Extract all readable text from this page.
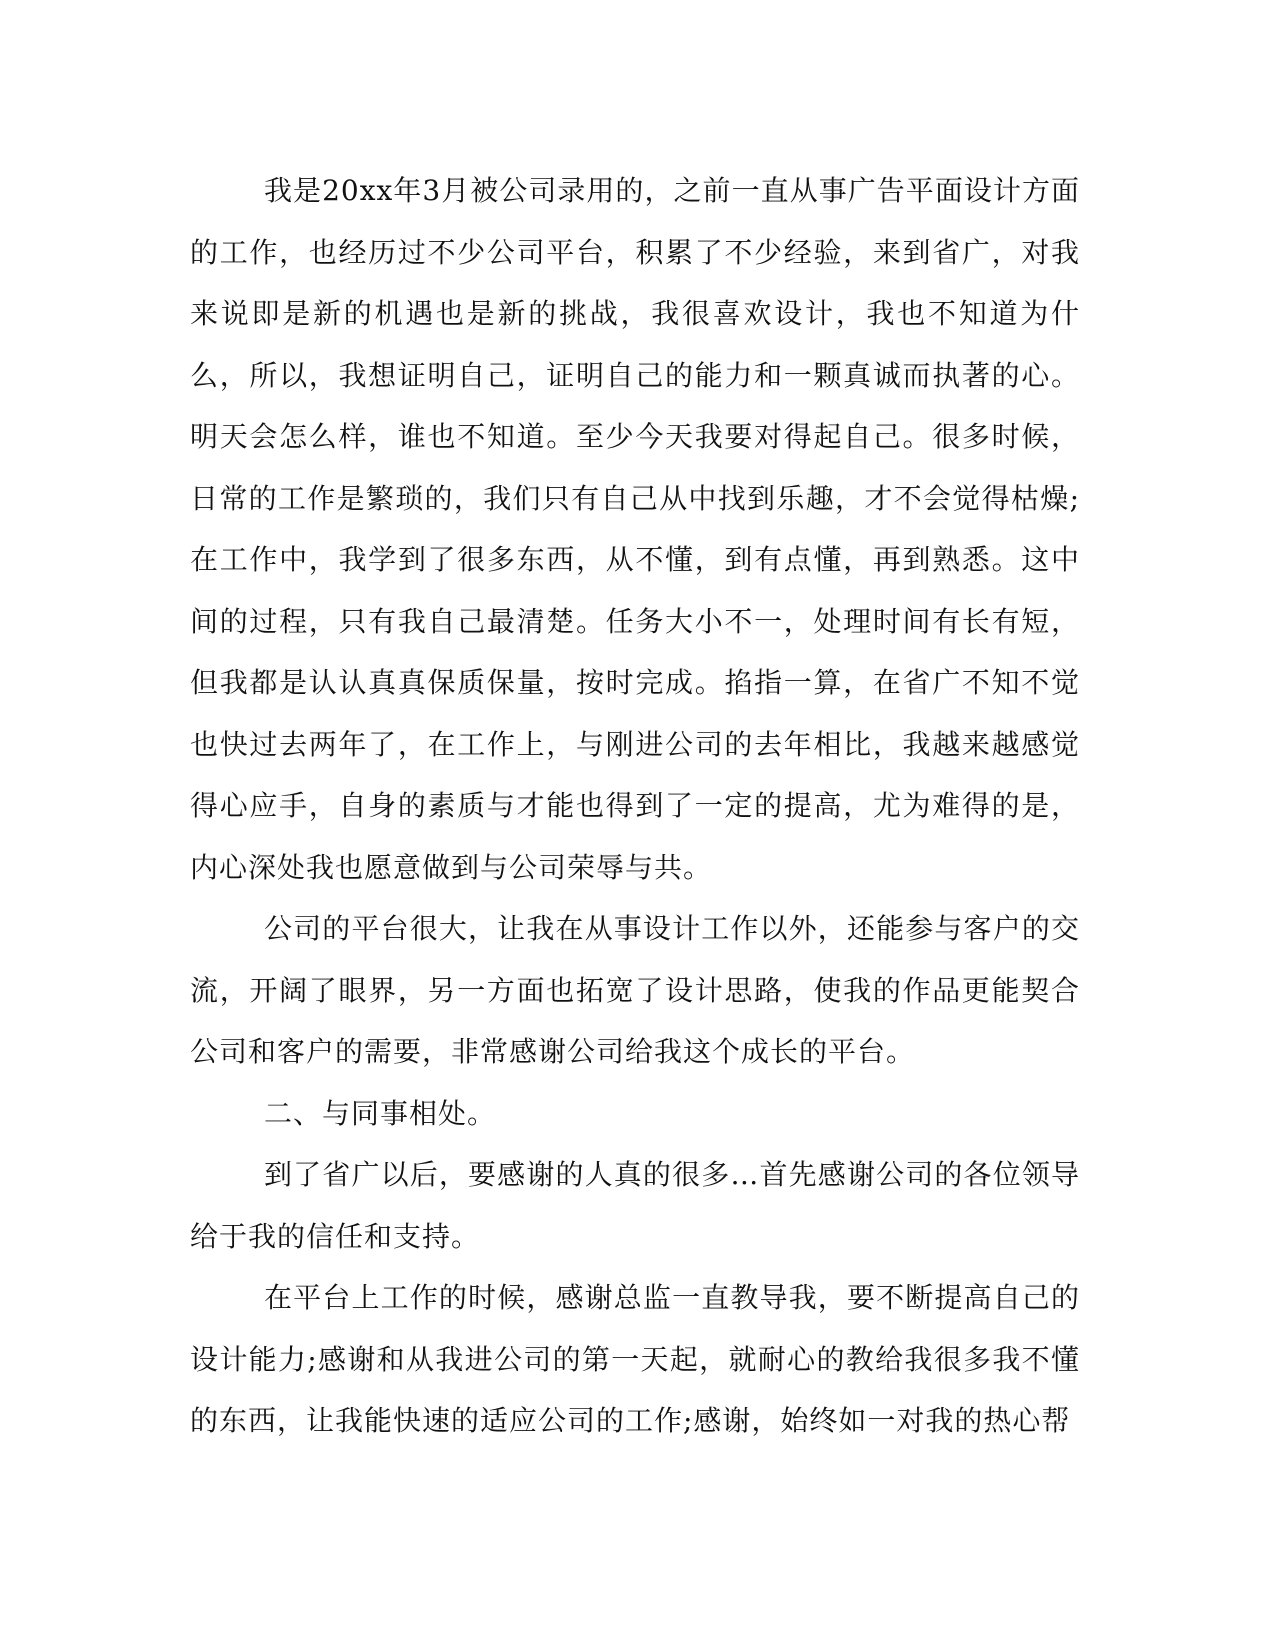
我是20xx年3月被公司录用的，之前一直从事广告平面设计方面的工作，也经历过不少公司平台，积累了不少经验，来到省广，对我来说即是新的机遇也是新的挑战，我很喜欢设计，我也不知道为什么，所以，我想证明自己，证明自己的能力和一颗真诚而执著的心。明天会怎么样，谁也不知道。至少今天我要对得起自己。很多时候，日常的工作是繁琐的，我们只有自己从中找到乐趣，才不会觉得枯燥;在工作中，我学到了很多东西，从不懂，到有点懂，再到熟悉。这中间的过程，只有我自己最清楚。任务大小不一，处理时间有长有短，但我都是认认真真保质保量，按时完成。掐指一算，在省广不知不觉也快过去两年了，在工作上，与刚进公司的去年相比，我越来越感觉得心应手，自身的素质与才能也得到了一定的提高，尤为难得的是，内心深处我也愿意做到与公司荣辱与共。

公司的平台很大，让我在从事设计工作以外，还能参与客户的交流，开阔了眼界，另一方面也拓宽了设计思路，使我的作品更能契合公司和客户的需要，非常感谢公司给我这个成长的平台。

二、与同事相处。

到了省广以后，要感谢的人真的很多…首先感谢公司的各位领导给于我的信任和支持。

在平台上工作的时候，感谢总监一直教导我，要不断提高自己的设计能力;感谢和从我进公司的第一天起，就耐心的教给我很多我不懂的东西，让我能快速的适应公司的工作;感谢，始终如一对我的热心帮
